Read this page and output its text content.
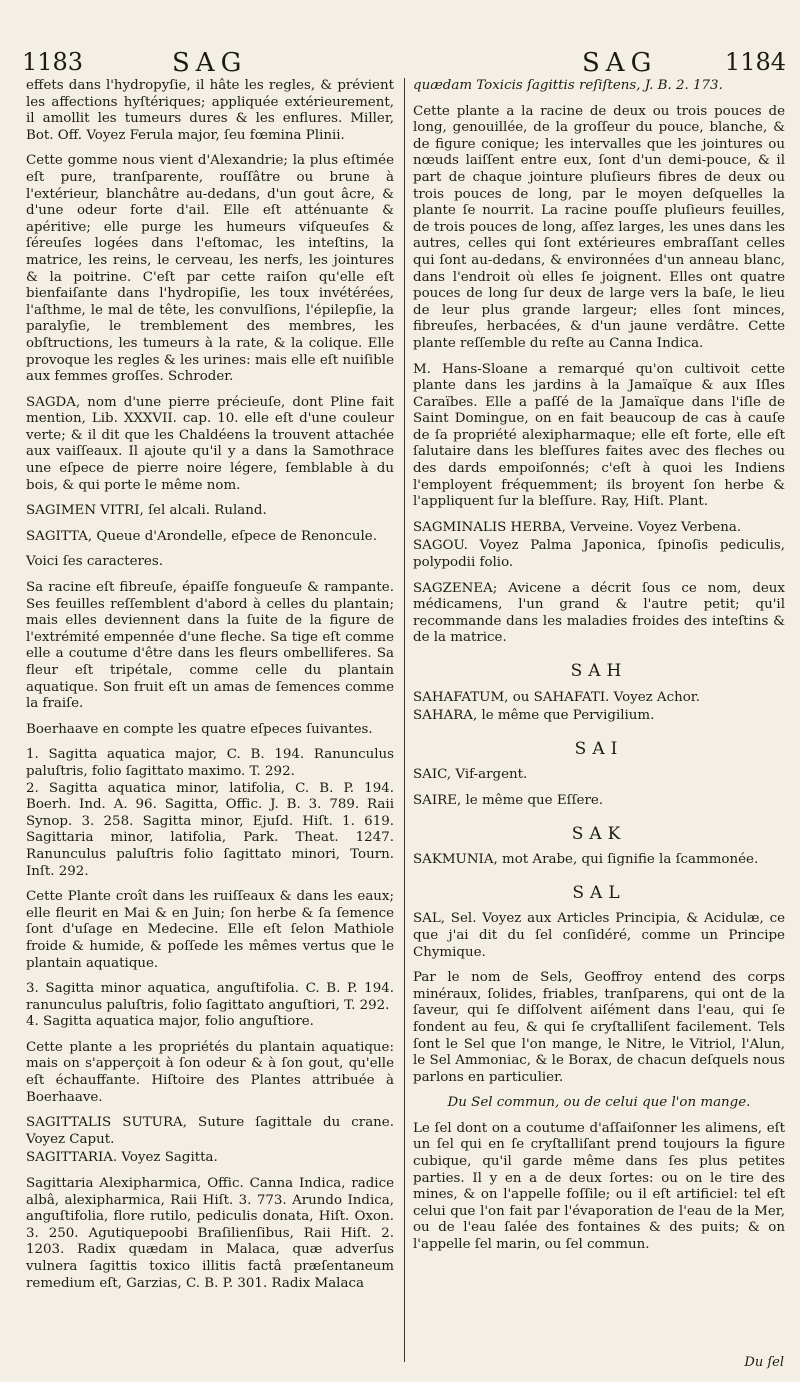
1183	SAG	SAG	1184

effets dans l'hydropyſie, il hâte les regles, & prévient les affections hyſtériques; appliquée extérieurement, il amollit les tumeurs dures & les enflures. Miller, Bot. Off. Voyez Ferula major, ſeu fœmina Plinii.

Cette gomme nous vient d'Alexandrie; la plus eſtimée eſt pure, tranſparente, rouſſâtre ou brune à l'extérieur, blanchâtre au-dedans, d'un gout âcre, & d'une odeur forte d'ail. Elle eſt atténuante & apéritive; elle purge les humeurs viſqueuſes & ſéreuſes logées dans l'eſtomac, les inteſtins, la matrice, les reins, le cerveau, les nerfs, les jointures & la poitrine. C'eſt par cette raiſon qu'elle eſt bienfaiſante dans l'hydropiſie, les toux invétérées, l'aſthme, le mal de tête, les convulſions, l'épilepſie, la paralyſie, le tremblement des membres, les obſtructions, les tumeurs à la rate, & la colique. Elle provoque les regles & les urines: mais elle eſt nuiſible aux femmes groſſes. Schroder.

SAGDA, nom d'une pierre précieuſe, dont Pline fait mention, Lib. XXXVII. cap. 10. elle eſt d'une couleur verte; & il dit que les Chaldéens la trouvent attachée aux vaiſſeaux. Il ajoute qu'il y a dans la Samothrace une eſpece de pierre noire légere, ſemblable à du bois, & qui porte le même nom.

SAGIMEN VITRI, ſel alcali. Ruland.

SAGITTA, Queue d'Arondelle, eſpece de Renoncule.

Voici ſes caracteres.

Sa racine eſt fibreuſe, épaiſſe fongueuſe & rampante. Ses feuilles reſſemblent d'abord à celles du plantain; mais elles deviennent dans la ſuite de la figure de l'extrémité empennée d'une fleche. Sa tige eſt comme elle a coutume d'être dans les fleurs ombelliferes. Sa fleur eſt tripétale, comme celle du plantain aquatique. Son fruit eſt un amas de ſemences comme la fraiſe.

Boerhaave en compte les quatre eſpeces ſuivantes.

1. Sagitta aquatica major, C. B. 194. Ranunculus paluſtris, folio ſagittato maximo. T. 292.

2. Sagitta aquatica minor, latifolia, C. B. P. 194. Boerh. Ind. A. 96. Sagitta, Offic. J. B. 3. 789. Raii Synop. 3. 258. Sagitta minor, Ejuſd. Hiſt. 1. 619. Sagittaria minor, latifolia, Park. Theat. 1247. Ranunculus paluſtris folio ſagittato minori, Tourn. Inſt. 292.

Cette Plante croît dans les ruiſſeaux & dans les eaux; elle fleurit en Mai & en Juin; ſon herbe & ſa ſemence ſont d'uſage en Medecine. Elle eſt ſelon Mathiole froide & humide, & poſſede les mêmes vertus que le plantain aquatique.

3. Sagitta minor aquatica, anguſtifolia. C. B. P. 194. ranunculus paluſtris, folio ſagittato anguſtiori, T. 292.

4. Sagitta aquatica major, folio anguſtiore.

Cette plante a les propriétés du plantain aquatique: mais on s'apperçoit à ſon odeur & à ſon gout, qu'elle eſt échauffante. Hiſtoire des Plantes attribuée à Boerhaave.

SAGITTALIS SUTURA, Suture ſagittale du crane. Voyez Caput.

SAGITTARIA. Voyez Sagitta.

Sagittaria Alexipharmica, Offic. Canna Indica, radice albâ, alexipharmica, Raii Hiſt. 3. 773. Arundo Indica, anguſtifolia, flore rutilo, pediculis donata, Hiſt. Oxon. 3. 250. Agutiquepoobi Braſilienſibus, Raii Hiſt. 2. 1203. Radix quædam in Malaca, quæ adverſus vulnera ſagittis toxico illitis factâ præſentaneum remedium eſt, Garzias, C. B. P. 301. Radix Malaca

quædam Toxicis ſagittis reſiſtens, J. B. 2. 173.

Cette plante a la racine de deux ou trois pouces de long, genouillée, de la groſſeur du pouce, blanche, & de figure conique; les intervalles que les jointures ou nœuds laiſſent entre eux, ſont d'un demi-pouce, & il part de chaque jointure pluſieurs fibres de deux ou trois pouces de long, par le moyen deſquelles la plante ſe nourrit. La racine pouſſe pluſieurs feuilles, de trois pouces de long, aſſez larges, les unes dans les autres, celles qui ſont extérieures embraſſant celles qui ſont au-dedans, & environnées d'un anneau blanc, dans l'endroit où elles ſe joignent. Elles ont quatre pouces de long ſur deux de large vers la baſe, le lieu de leur plus grande largeur; elles ſont minces, fibreuſes, herbacées, & d'un jaune verdâtre. Cette plante reſſemble du reſte au Canna Indica.

M. Hans-Sloane a remarqué qu'on cultivoit cette plante dans les jardins à la Jamaïque & aux Iſles Caraïbes. Elle a paſſé de la Jamaïque dans l'iſle de Saint Domingue, on en fait beaucoup de cas à cauſe de ſa propriété alexipharmaque; elle eſt forte, elle eſt ſalutaire dans les bleſſures faites avec des fleches ou des dards empoiſonnés; c'eſt à quoi les Indiens l'employent fréquemment; ils broyent ſon herbe & l'appliquent ſur la bleſſure. Ray, Hiſt. Plant.

SAGMINALIS HERBA, Verveine. Voyez Verbena.

SAGOU. Voyez Palma Japonica, ſpinoſis pediculis, polypodii folio.

SAGZENEA; Avicene a décrit ſous ce nom, deux médicamens, l'un grand & l'autre petit; qu'il recommande dans les maladies froides des inteſtins & de la matrice.

SAH

SAHAFATUM, ou SAHAFATI. Voyez Achor.

SAHARA, le même que Pervigilium.

SAI

SAIC, Vif-argent.

SAIRE, le même que Eſſere.

SAK

SAKMUNIA, mot Arabe, qui ſignifie la ſcammonée.

SAL

SAL, Sel. Voyez aux Articles Principia, & Acidulæ, ce que j'ai dit du ſel conſidéré, comme un Principe Chymique.

Par le nom de Sels, Geoffroy entend des corps minéraux, ſolides, friables, tranſparens, qui ont de la ſaveur, qui ſe diſſolvent aiſément dans l'eau, qui ſe fondent au feu, & qui ſe cryſtalliſent facilement. Tels ſont le Sel que l'on mange, le Nitre, le Vitriol, l'Alun, le Sel Ammoniac, & le Borax, de chacun deſquels nous parlons en particulier.

Du Sel commun, ou de celui que l'on mange.

Le ſel dont on a coutume d'aſſaiſonner les alimens, eſt un ſel qui en ſe cryſtalliſant prend toujours la figure cubique, qu'il garde même dans ſes plus petites parties. Il y en a de deux ſortes: ou on le tire des mines, & on l'appelle foſſile; ou il eſt artificiel: tel eſt celui que l'on fait par l'évaporation de l'eau de la Mer, ou de l'eau ſalée des fontaines & des puits; & on l'appelle ſel marin, ou ſel commun.

Du ſel
